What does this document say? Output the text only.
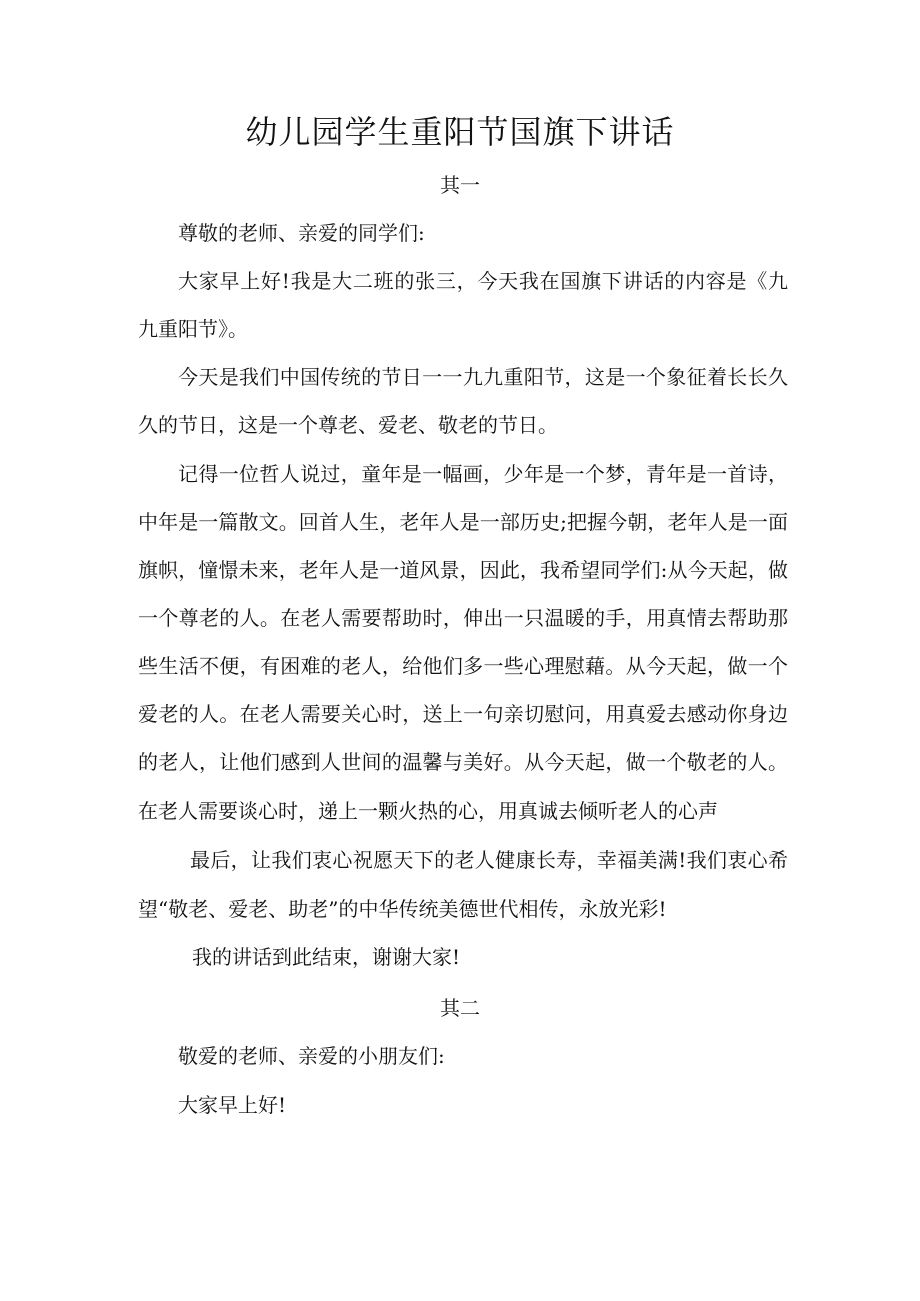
幼儿园学生重阳节国旗下讲话
其一
尊敬的老师、亲爱的同学们:
大家早上好!我是大二班的张三，今天我在国旗下讲话的内容是《九
九重阳节》。
今天是我们中国传统的节日一一九九重阳节，这是一个象征着长长久
久的节日，这是一个尊老、爱老、敬老的节日。
记得一位哲人说过，童年是一幅画，少年是一个梦，青年是一首诗，
中年是一篇散文。回首人生，老年人是一部历史;把握今朝，老年人是一面
旗帜，憧憬未来，老年人是一道风景，因此，我希望同学们:从今天起，做
一个尊老的人。在老人需要帮助时，伸出一只温暖的手，用真情去帮助那
些生活不便，有困难的老人，给他们多一些心理慰藉。从今天起，做一个
爱老的人。在老人需要关心时，送上一句亲切慰问，用真爱去感动你身边
的老人，让他们感到人世间的温馨与美好。从今天起，做一个敬老的人。
在老人需要谈心时，递上一颗火热的心，用真诚去倾听老人的心声
最后，让我们衷心祝愿天下的老人健康长寿，幸福美满!我们衷心希
望“敬老、爱老、助老”的中华传统美德世代相传，永放光彩!
我的讲话到此结束，谢谢大家!
其二
敬爱的老师、亲爱的小朋友们:
大家早上好!
